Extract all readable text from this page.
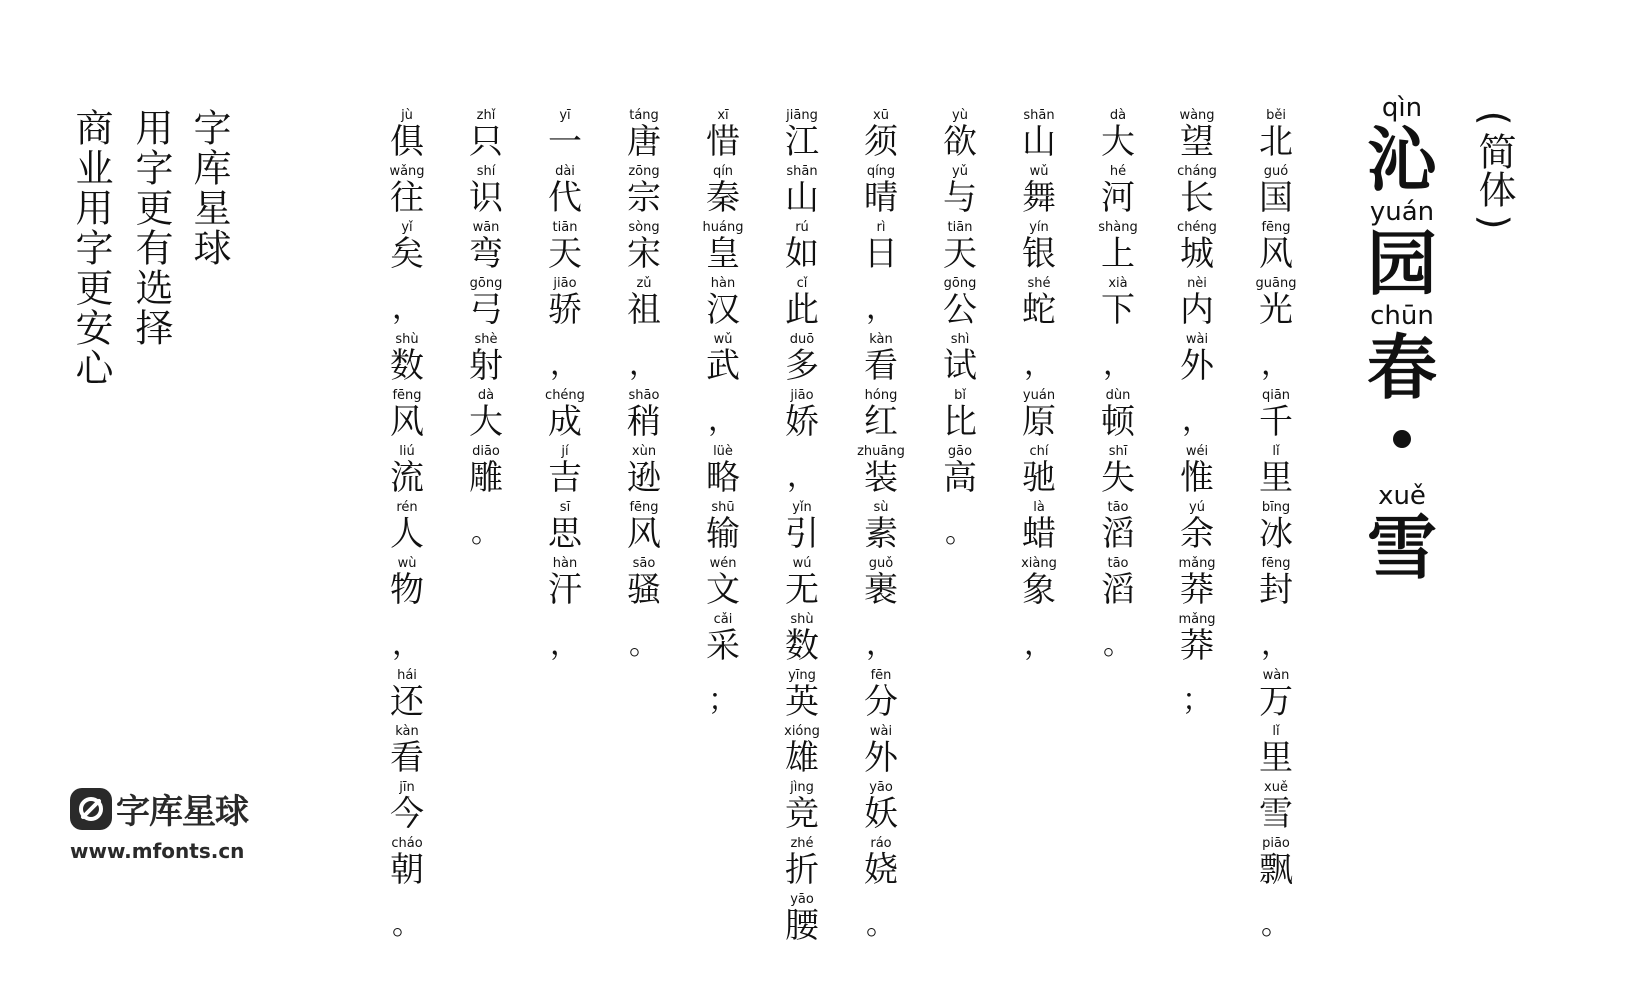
qìn
沁
yuán
园
chūn
春
xuě
雪
(
简体
)
běi
北
guó
国
fēng
风
guāng
光
，
qiān
千
lǐ
里
bīng
冰
fēng
封
，
wàn
万
lǐ
里
xuě
雪
piāo
飘
。
wàng
望
cháng
长
chéng
城
nèi
内
wài
外
，
wéi
惟
yú
余
mǎng
莽
mǎng
莽
；
dà
大
hé
河
shàng
上
xià
下
，
dùn
顿
shī
失
tāo
滔
tāo
滔
。
shān
山
wǔ
舞
yín
银
shé
蛇
，
yuán
原
chí
驰
là
蜡
xiàng
象
，
yù
欲
yǔ
与
tiān
天
gōng
公
shì
试
bǐ
比
gāo
高
。
xū
须
qíng
晴
rì
日
，
kàn
看
hóng
红
zhuāng
装
sù
素
guǒ
裹
，
fēn
分
wài
外
yāo
妖
ráo
娆
。
jiāng
江
shān
山
rú
如
cǐ
此
duō
多
jiāo
娇
，
yǐn
引
wú
无
shù
数
yīng
英
xióng
雄
jìng
竞
zhé
折
yāo
腰
xī
惜
qín
秦
huáng
皇
hàn
汉
wǔ
武
，
lüè
略
shū
输
wén
文
cǎi
采
；
táng
唐
zōng
宗
sòng
宋
zǔ
祖
，
shāo
稍
xùn
逊
fēng
风
sāo
骚
。
yī
一
dài
代
tiān
天
jiāo
骄
，
chéng
成
jí
吉
sī
思
hàn
汗
，
zhǐ
只
shí
识
wān
弯
gōng
弓
shè
射
dà
大
diāo
雕
。
jù
俱
wǎng
往
yǐ
矣
，
shù
数
fēng
风
liú
流
rén
人
wù
物
，
hái
还
kàn
看
jīn
今
cháo
朝
。
字库星球
用字更有选择
商业用字更安心
字库星球
www.mfonts.cn
